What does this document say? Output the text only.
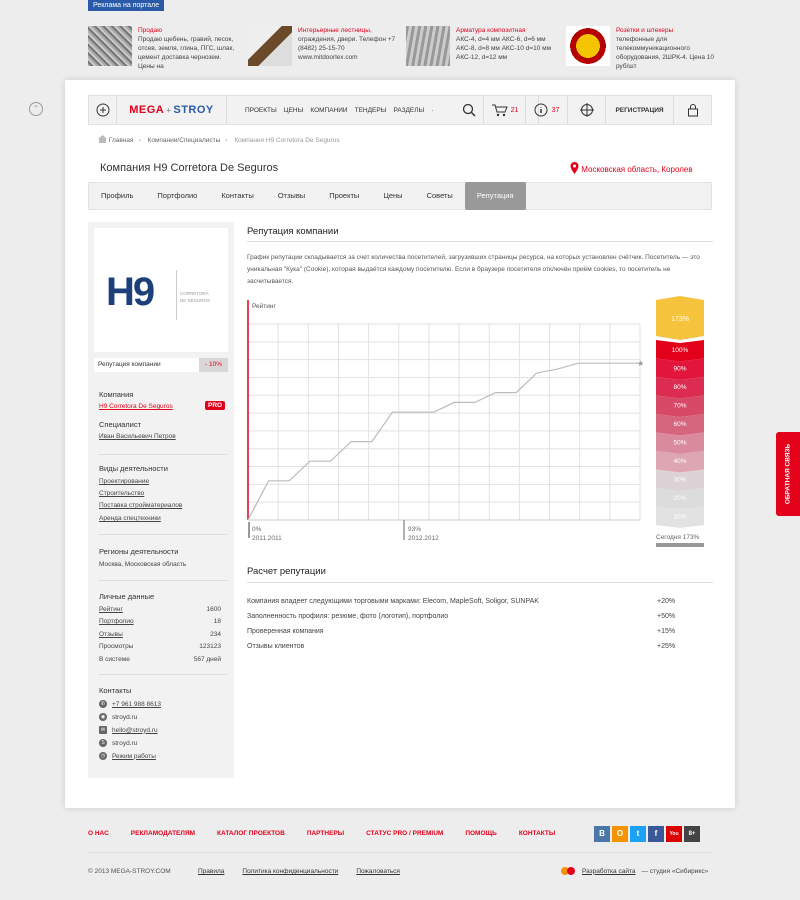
Реклама на портале
Продаю
Продаю щебень, гравий, песок, отсев, земля, глина, ПГС, шлак, цемент доставка чернозем. Цены на
Интерьерные лестницы,
ограждения, двери. Телефон +7 (8482) 25-15-70 www.mitdoorlex.com
Арматура композитная
АКС-4, d=4 мм АКС-6, d=6 мм АКС-8, d=8 мм АКС-10 d=10 мм АКС-12, d=12 мм
Розетки и штекеры
телефонные для телекоммуникационного оборудования, 2ШРК-4. Цена 10 руб/шт
⌃	MEGA + STROY	ПРОЕКТЫ ЦЕНЫ КОМПАНИИ ТЕНДЕРЫ РАЗДЕЛЫ ·	21	37	РЕГИСТРАЦИЯ
Главная › Компании/Специалисты › Компания H9 Corretora De Seguros
Компания H9 Corretora De Seguros	Московская область, Королев
Профиль	Портфолио	Контакты	Отзывы	Проекты	Цены	Советы	Репутация
H9	CORRETORA
DE SEGUROS
Репутация компании	- 10%
Компания
H9 Corretora De Seguros	PRO
Специалист
Иван Васильевич Петров
Виды деятельности
Проектирование
Строительство
Поставка стройматериалов
Аренда спецтехники
Регионы деятельности
Москва, Московская область
Личные данные
Рейтинг	1600
Портфолио	18
Отзывы	234
Просмотры	123123
В системе	567 дней
Контакты
✆ +7 961 988 8613
◉ stroyd.ru
✉ hello@stroyd.ru
S	stroyd.ru
◷ Режим работы
Репутация компании
График репутации складывается за счет количества посетителей, загрузивших страницы ресурса, на которых установлен счётчик. Посетитель — это уникальная "Кука" (Cookie), которая выдаётся каждому посетителю. Если в браузере посетителя отключён приём cookies, то посетитель не засчитывается.
Рейтинг
★
0%
2011.2011
93%
2012.2012
173%
100%
90%
80%
70%
60%
50%
40%
30%
20%
10%
Сегодня 173%
Расчет репутации
Компания владеет следующими торговыми марками: Elecom, MapleSoft, Soligor, SUNPAK	+20%
Заполненность профиля: резюме, фото (логотип), портфолио	+50%
Проверенная компания	+15%
Отзывы клиентов	+25%
ОБРАТНАЯ СВЯЗЬ
О НАС	РЕКЛАМОДАТЕЛЯМ	КАТАЛОГ ПРОЕКТОВ	ПАРТНЕРЫ	СТАТУС PRO / PREMIUM	ПОМОЩЬ	КОНТАКТЫ	В	О	t	f	You	8+
© 2013 MEGA-STROY.COM	Правила	Политика конфиденциальности	Пожаловаться	Разработка сайта — студия «Сибирикс»
